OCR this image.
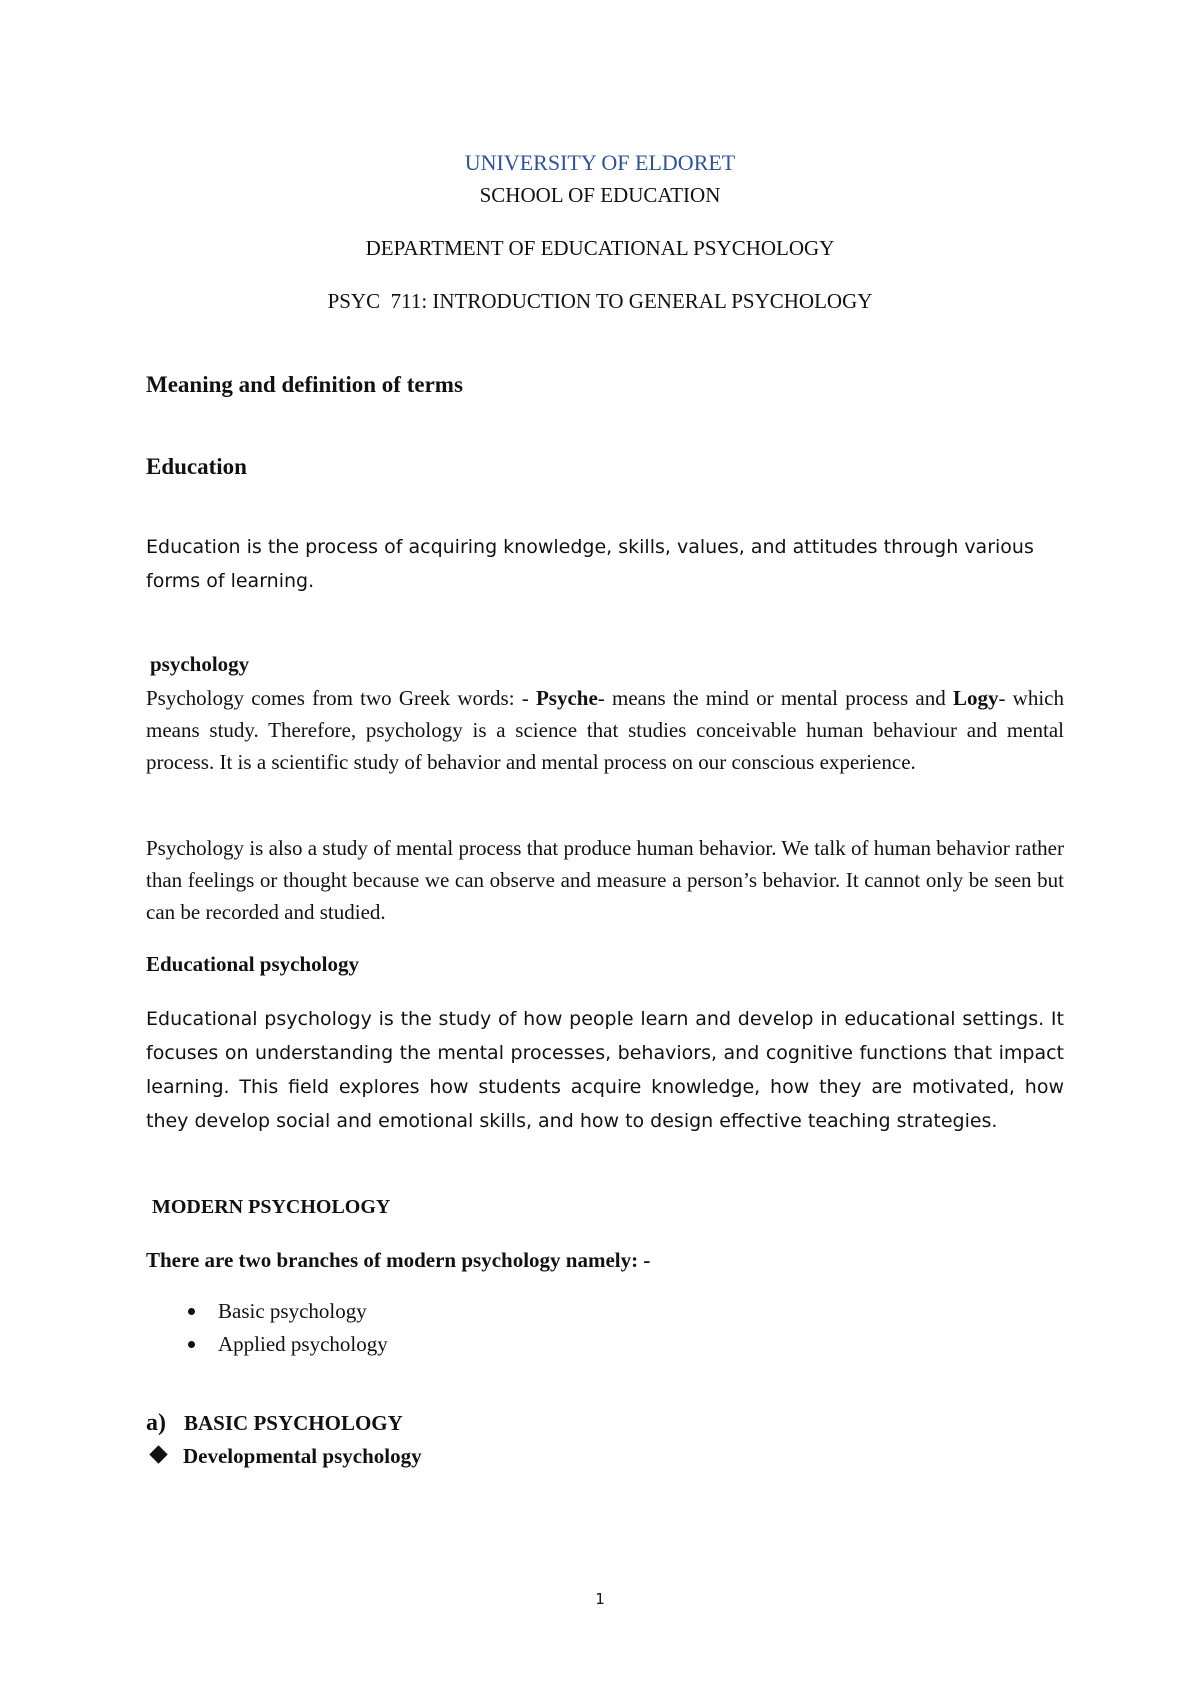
UNIVERSITY OF ELDORET
SCHOOL OF EDUCATION
DEPARTMENT OF EDUCATIONAL PSYCHOLOGY
PSYC  711: INTRODUCTION TO GENERAL PSYCHOLOGY
Meaning and definition of terms
Education
Education is the process of acquiring knowledge, skills, values, and attitudes through various forms of learning.
psychology
Psychology comes from two Greek words: - Psyche- means the mind or mental process and Logy- which means study. Therefore, psychology is a science that studies conceivable human behaviour and mental process. It is a scientific study of behavior and mental process on our conscious experience.
Psychology is also a study of mental process that produce human behavior. We talk of human behavior rather than feelings or thought because we can observe and measure a person’s behavior. It cannot only be seen but can be recorded and studied.
Educational psychology
Educational psychology is the study of how people learn and develop in educational settings. It focuses on understanding the mental processes, behaviors, and cognitive functions that impact learning. This field explores how students acquire knowledge, how they are motivated, how they develop social and emotional skills, and how to design effective teaching strategies.
MODERN PSYCHOLOGY
There are two branches of modern psychology namely: -
Basic psychology
Applied psychology
a) BASIC PSYCHOLOGY
Developmental psychology
1
